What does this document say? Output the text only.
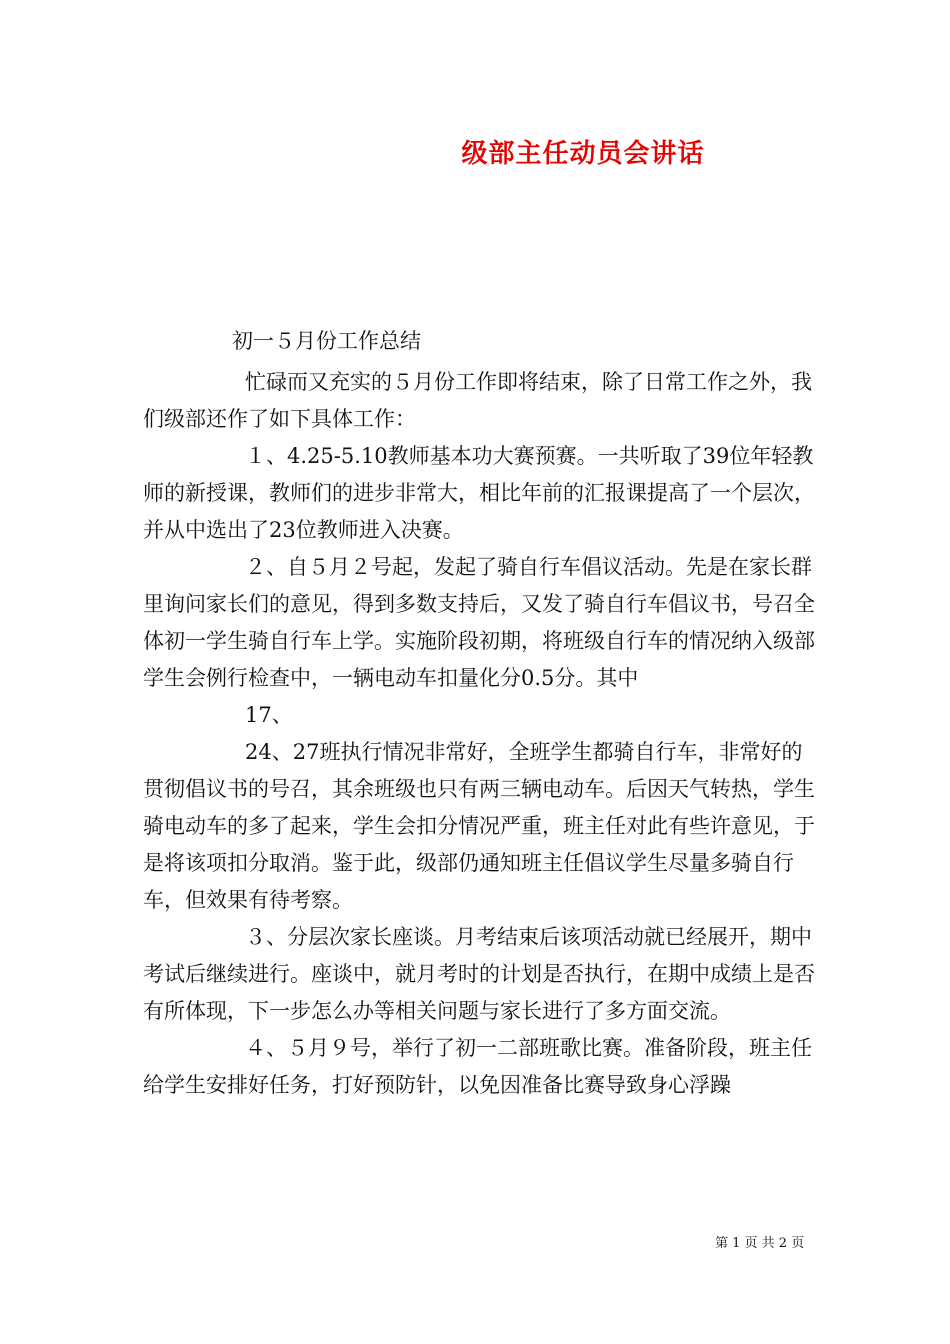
级部主任动员会讲话
初一５月份工作总结

忙碌而又充实的５月份工作即将结束，除了日常工作之外，我们级部还作了如下具体工作：

１、4.25-5.10教师基本功大赛预赛。一共听取了39位年轻教师的新授课，教师们的进步非常大，相比年前的汇报课提高了一个层次，并从中选出了23位教师进入决赛。

２、自５月２号起，发起了骑自行车倡议活动。先是在家长群里询问家长们的意见，得到多数支持后，又发了骑自行车倡议书，号召全体初一学生骑自行车上学。实施阶段初期，将班级自行车的情况纳入级部学生会例行检查中，一辆电动车扣量化分0.5分。其中

17、

24、27班执行情况非常好，全班学生都骑自行车，非常好的贯彻倡议书的号召，其余班级也只有两三辆电动车。后因天气转热，学生骑电动车的多了起来，学生会扣分情况严重，班主任对此有些许意见，于是将该项扣分取消。鉴于此，级部仍通知班主任倡议学生尽量多骑自行车，但效果有待考察。

３、分层次家长座谈。月考结束后该项活动就已经展开，期中考试后继续进行。座谈中，就月考时的计划是否执行，在期中成绩上是否有所体现，下一步怎么办等相关问题与家长进行了多方面交流。

４、５月９号，举行了初一二部班歌比赛。准备阶段，班主任给学生安排好任务，打好预防针，以免因准备比赛导致身心浮躁

第 1 页 共 2 页
